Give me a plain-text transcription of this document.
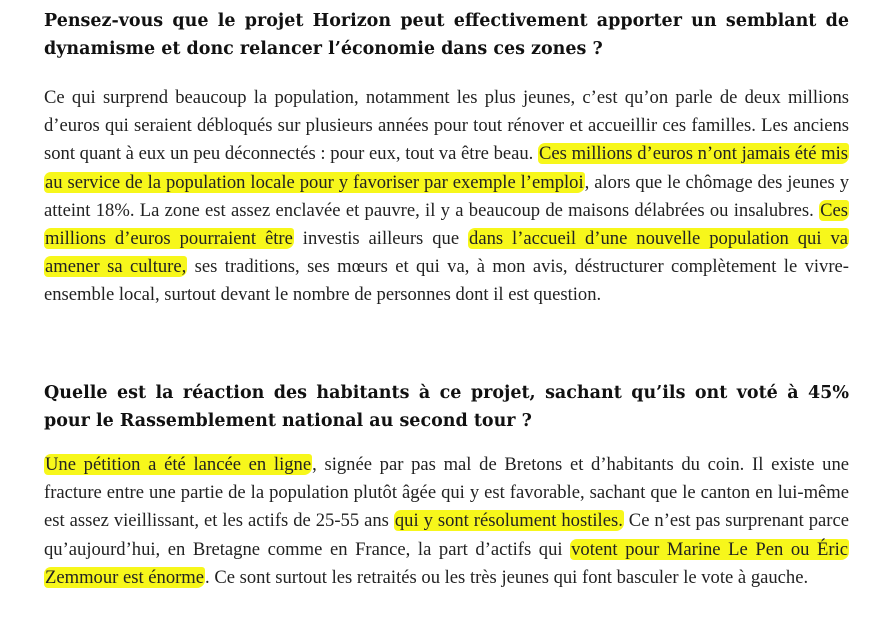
Pensez-vous que le projet Horizon peut effectivement apporter un semblant de dynamisme et donc relancer l’économie dans ces zones ?

Ce qui surprend beaucoup la population, notamment les plus jeunes, c’est qu’on parle de deux millions d’euros qui seraient débloqués sur plusieurs années pour tout rénover et accueillir ces familles. Les anciens sont quant à eux un peu déconnectés : pour eux, tout va être beau. Ces millions d’euros n’ont jamais été mis au service de la population locale pour y favoriser par exemple l’emploi, alors que le chômage des jeunes y atteint 18%. La zone est assez enclavée et pauvre, il y a beaucoup de maisons délabrées ou insalubres. Ces millions d’euros pourraient être investis ailleurs que dans l’accueil d’une nouvelle population qui va amener sa culture, ses traditions, ses mœurs et qui va, à mon avis, déstructurer complètement le vivre-ensemble local, surtout devant le nombre de personnes dont il est question.

Quelle est la réaction des habitants à ce projet, sachant qu’ils ont voté à 45% pour le Rassemblement national au second tour ?

Une pétition a été lancée en ligne, signée par pas mal de Bretons et d’habitants du coin. Il existe une fracture entre une partie de la population plutôt âgée qui y est favorable, sachant que le canton en lui-même est assez vieillissant, et les actifs de 25-55 ans qui y sont résolument hostiles. Ce n’est pas surprenant parce qu’aujourd’hui, en Bretagne comme en France, la part d’actifs qui votent pour Marine Le Pen ou Éric Zemmour est énorme. Ce sont surtout les retraités ou les très jeunes qui font basculer le vote à gauche.
